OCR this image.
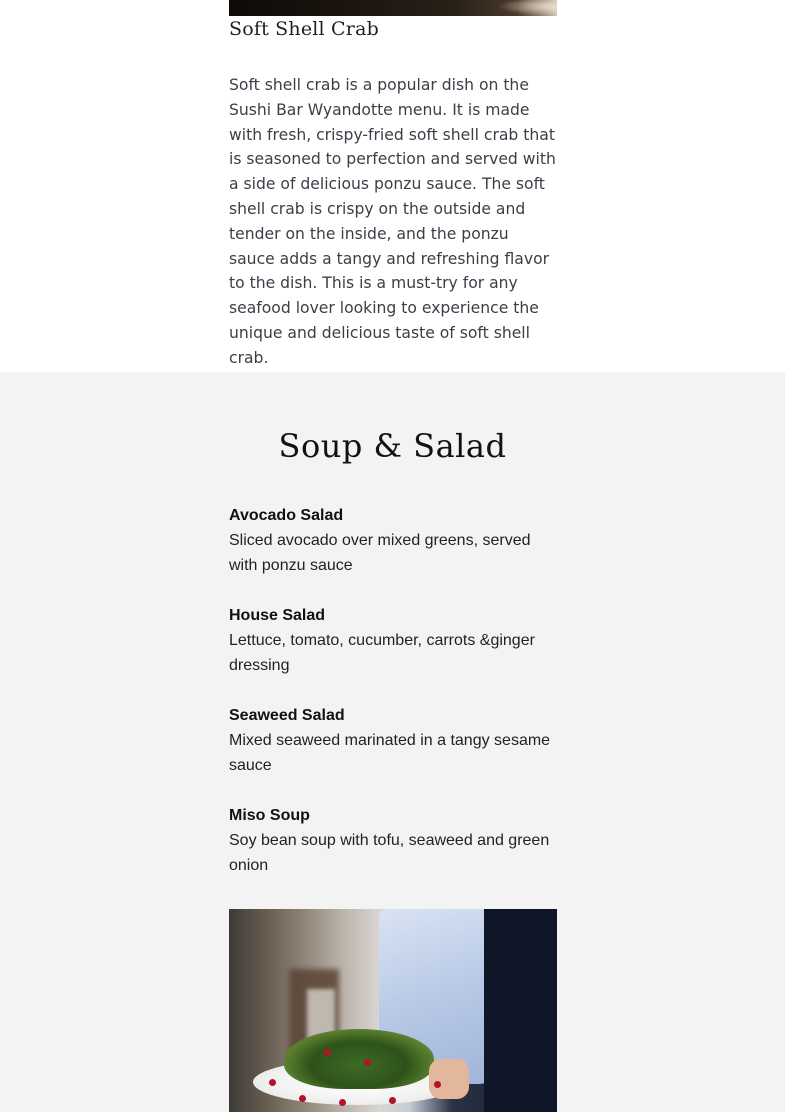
Soft Shell Crab
Soft shell crab is a popular dish on the Sushi Bar Wyandotte menu. It is made with fresh, crispy-fried soft shell crab that is seasoned to perfection and served with a side of delicious ponzu sauce. The soft shell crab is crispy on the outside and tender on the inside, and the ponzu sauce adds a tangy and refreshing flavor to the dish. This is a must-try for any seafood lover looking to experience the unique and delicious taste of soft shell crab.
Soup & Salad
Avocado Salad
Sliced avocado over mixed greens, served with ponzu sauce
House Salad
Lettuce, tomato, cucumber, carrots &ginger dressing
Seaweed Salad
Mixed seaweed marinated in a tangy sesame sauce
Miso Soup
Soy bean soup with tofu, seaweed and green onion
